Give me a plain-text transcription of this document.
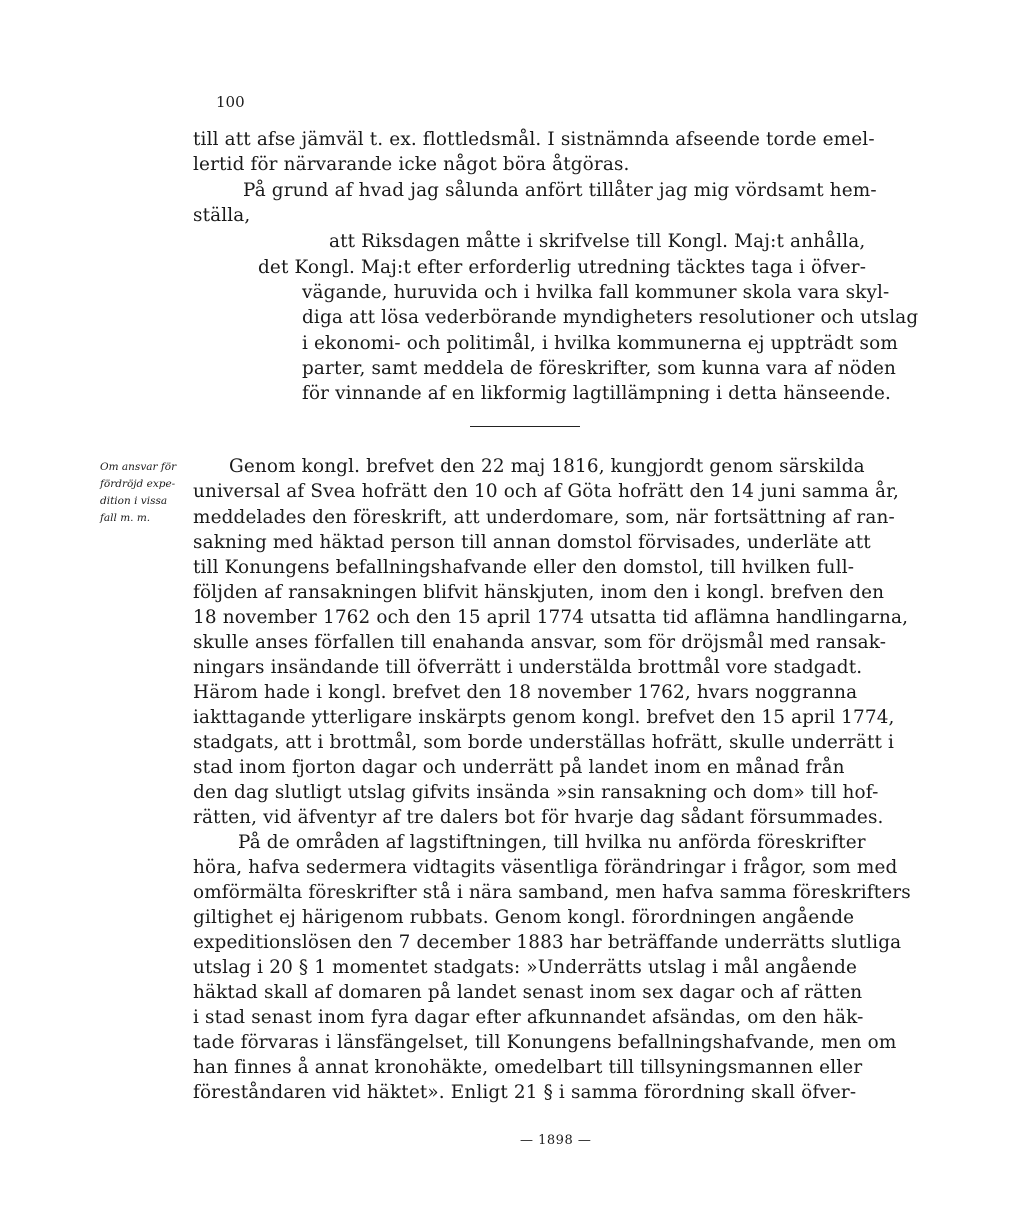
100
till att afse jämväl t. ex. flottledsmål. I sistnämnda afseende torde emel-
lertid för närvarande icke något böra åtgöras.
På grund af hvad jag sålunda anfört tillåter jag mig vördsamt hem-
ställa,
att Riksdagen måtte i skrifvelse till Kongl. Maj:t anhålla,
det Kongl. Maj:t efter erforderlig utredning täcktes taga i öfver-
vägande, huruvida och i hvilka fall kommuner skola vara skyl-
diga att lösa vederbörande myndigheters resolutioner och utslag
i ekonomi- och politimål, i hvilka kommunerna ej uppträdt som
parter, samt meddela de föreskrifter, som kunna vara af nöden
för vinnande af en likformig lagtillämpning i detta hänseende.
Om ansvar för
fördröjd expe-
dition i vissa
fall m. m.
Genom kongl. brefvet den 22 maj 1816, kungjordt genom särskilda
universal af Svea hofrätt den 10 och af Göta hofrätt den 14 juni samma år,
meddelades den föreskrift, att underdomare, som, när fortsättning af ran-
sakning med häktad person till annan domstol förvisades, underläte att
till Konungens befallningshafvande eller den domstol, till hvilken full-
följden af ransakningen blifvit hänskjuten, inom den i kongl. brefven den
18 november 1762 och den 15 april 1774 utsatta tid aflämna handlingarna,
skulle anses förfallen till enahanda ansvar, som för dröjsmål med ransak-
ningars insändande till öfverrätt i understälda brottmål vore stadgadt.
Härom hade i kongl. brefvet den 18 november 1762, hvars noggranna
iakttagande ytterligare inskärpts genom kongl. brefvet den 15 april 1774,
stadgats, att i brottmål, som borde underställas hofrätt, skulle underrätt i
stad inom fjorton dagar och underrätt på landet inom en månad från
den dag slutligt utslag gifvits insända »sin ransakning och dom» till hof-
rätten, vid äfventyr af tre dalers bot för hvarje dag sådant försummades.
På de områden af lagstiftningen, till hvilka nu anförda föreskrifter
höra, hafva sedermera vidtagits väsentliga förändringar i frågor, som med
omförmälta föreskrifter stå i nära samband, men hafva samma föreskrifters
giltighet ej härigenom rubbats. Genom kongl. förordningen angående
expeditionslösen den 7 december 1883 har beträffande underrätts slutliga
utslag i 20 § 1 momentet stadgats: »Underrätts utslag i mål angående
häktad skall af domaren på landet senast inom sex dagar och af rätten
i stad senast inom fyra dagar efter afkunnandet afsändas, om den häk-
tade förvaras i länsfängelset, till Konungens befallningshafvande, men om
han finnes å annat kronohäkte, omedelbart till tillsyningsmannen eller
föreståndaren vid häktet». Enligt 21 § i samma förordning skall öfver-
— 1898 —
